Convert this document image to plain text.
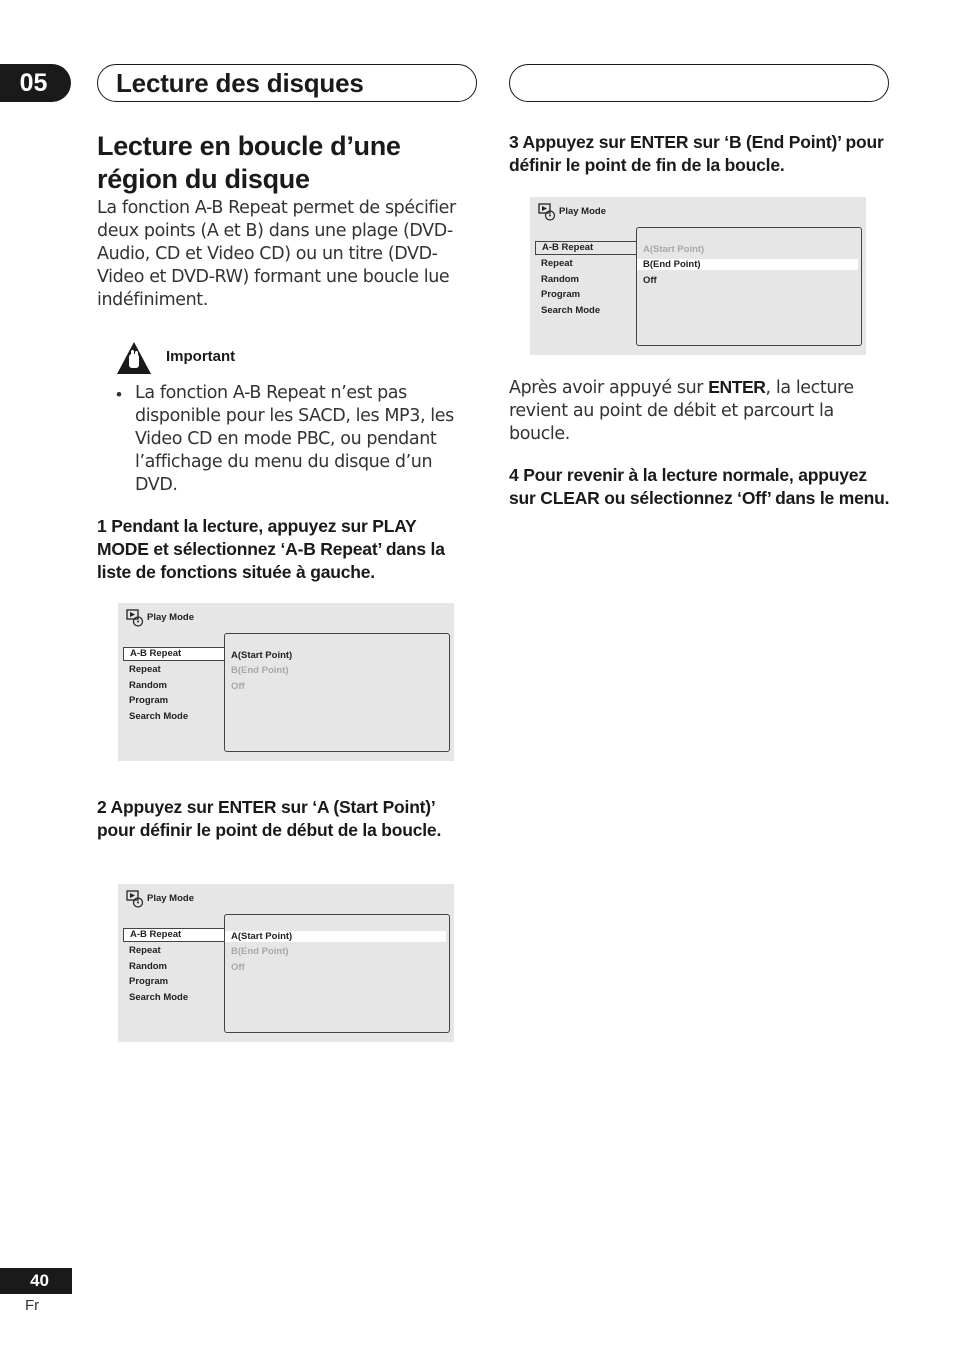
05	Lecture des disques
Lecture en boucle d’une région du disque
La fonction A-B Repeat permet de spécifier deux points (A et B) dans une plage (DVD-Audio, CD et Video CD) ou un titre (DVD-Video et DVD-RW) formant une boucle lue indéfiniment.
Important
• La fonction A-B Repeat n’est pas disponible pour les SACD, les MP3, les Video CD en mode PBC, ou pendant l’affichage du menu du disque d’un DVD.
1 Pendant la lecture, appuyez sur PLAY MODE et sélectionnez ‘A-B Repeat’ dans la liste de fonctions située à gauche.
Play Mode
A-B Repeat
Repeat
Random
Program
Search Mode
A(Start Point)
B(End Point)
Off
2 Appuyez sur ENTER sur ‘A (Start Point)’ pour définir le point de début de la boucle.
Play Mode
A-B Repeat
Repeat
Random
Program
Search Mode
A(Start Point)
B(End Point)
Off
3 Appuyez sur ENTER sur ‘B (End Point)’ pour définir le point de fin de la boucle.
Play Mode
A-B Repeat
Repeat
Random
Program
Search Mode
A(Start Point)
B(End Point)
Off
Après avoir appuyé sur ENTER, la lecture revient au point de débit et parcourt la boucle.
4 Pour revenir à la lecture normale, appuyez sur CLEAR ou sélectionnez ‘Off’ dans le menu.
40
Fr
